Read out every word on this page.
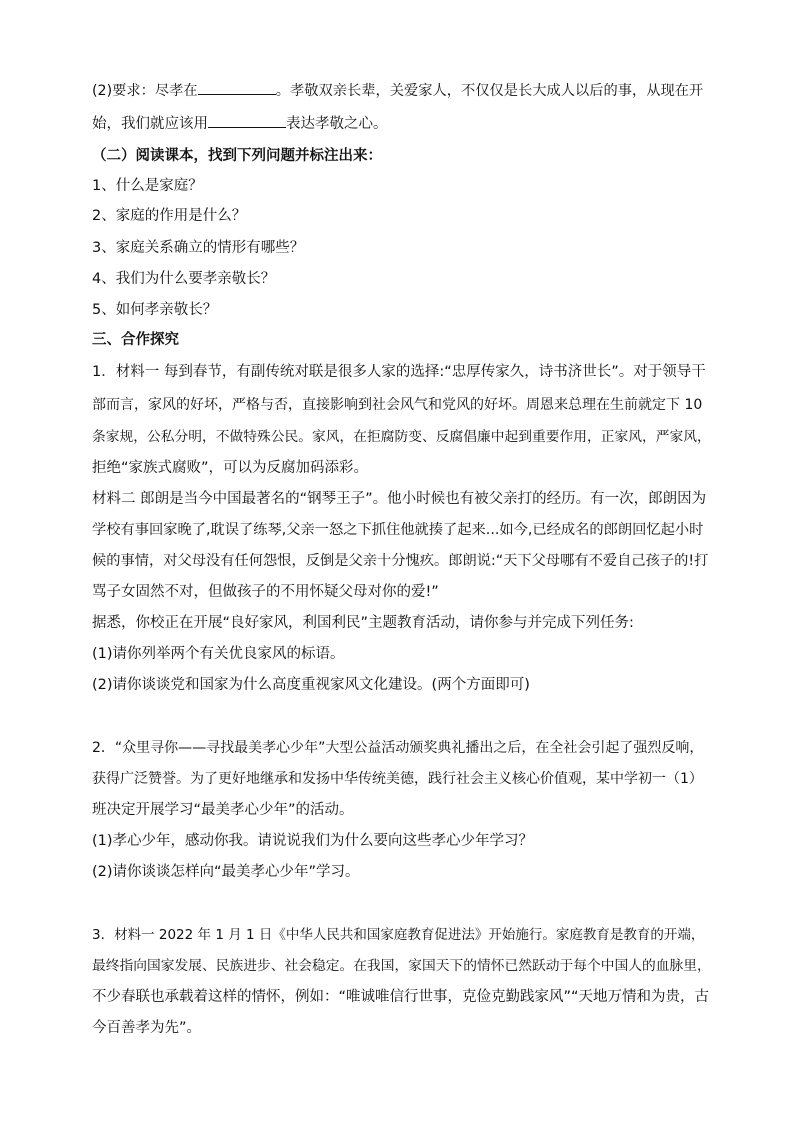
(2)要求：尽孝在	。孝敬双亲长辈，关爱家人，不仅仅是长大成人以后的事，从现在开
始，我们就应该用	表达孝敬之心。
（二）阅读课本，找到下列问题并标注出来：
1、什么是家庭？
2、家庭的作用是什么？
3、家庭关系确立的情形有哪些？
4、我们为什么要孝亲敬长？
5、如何孝亲敬长？
三、合作探究
1．材料一 每到春节，有副传统对联是很多人家的选择:“忠厚传家久，诗书济世长”。对于领导干
部而言，家风的好坏，严格与否，直接影响到社会风气和党风的好坏。周恩来总理在生前就定下 10
条家规，公私分明，不做特殊公民。家风，在拒腐防变、反腐倡廉中起到重要作用，正家风，严家风，
拒绝“家族式腐败”，可以为反腐加码添彩。
材料二 郎朗是当今中国最著名的“钢琴王子”。他小时候也有被父亲打的经历。有一次，郎朗因为
学校有事回家晚了,耽误了练琴,父亲一怒之下抓住他就揍了起来...如今,已经成名的郎朗回忆起小时
候的事情，对父母没有任何怨恨，反倒是父亲十分愧疚。郎朗说:“天下父母哪有不爱自己孩子的!打
骂子女固然不对，但做孩子的不用怀疑父母对你的爱!”
据悉，你校正在开展“良好家风，利国利民”主题教育活动，请你参与并完成下列任务:
(1)请你列举两个有关优良家风的标语。
(2)请你谈谈党和国家为什么高度重视家风文化建设。(两个方面即可)
2．“众里寻你——寻找最美孝心少年”大型公益活动颁奖典礼播出之后，在全社会引起了强烈反响，
获得广泛赞誉。为了更好地继承和发扬中华传统美德，践行社会主义核心价值观，某中学初一（1）
班决定开展学习“最美孝心少年”的活动。
(1)孝心少年，感动你我。请说说我们为什么要向这些孝心少年学习？
(2)请你谈谈怎样向“最美孝心少年”学习。
3．材料一 2022 年 1 月 1 日《中华人民共和国家庭教育促进法》开始施行。家庭教育是教育的开端，
最终指向国家发展、民族进步、社会稳定。在我国，家国天下的情怀已然跃动于每个中国人的血脉里，
不少春联也承载着这样的情怀，例如：“唯诚唯信行世事，克俭克勤践家风”“天地万情和为贵，古
今百善孝为先”。
